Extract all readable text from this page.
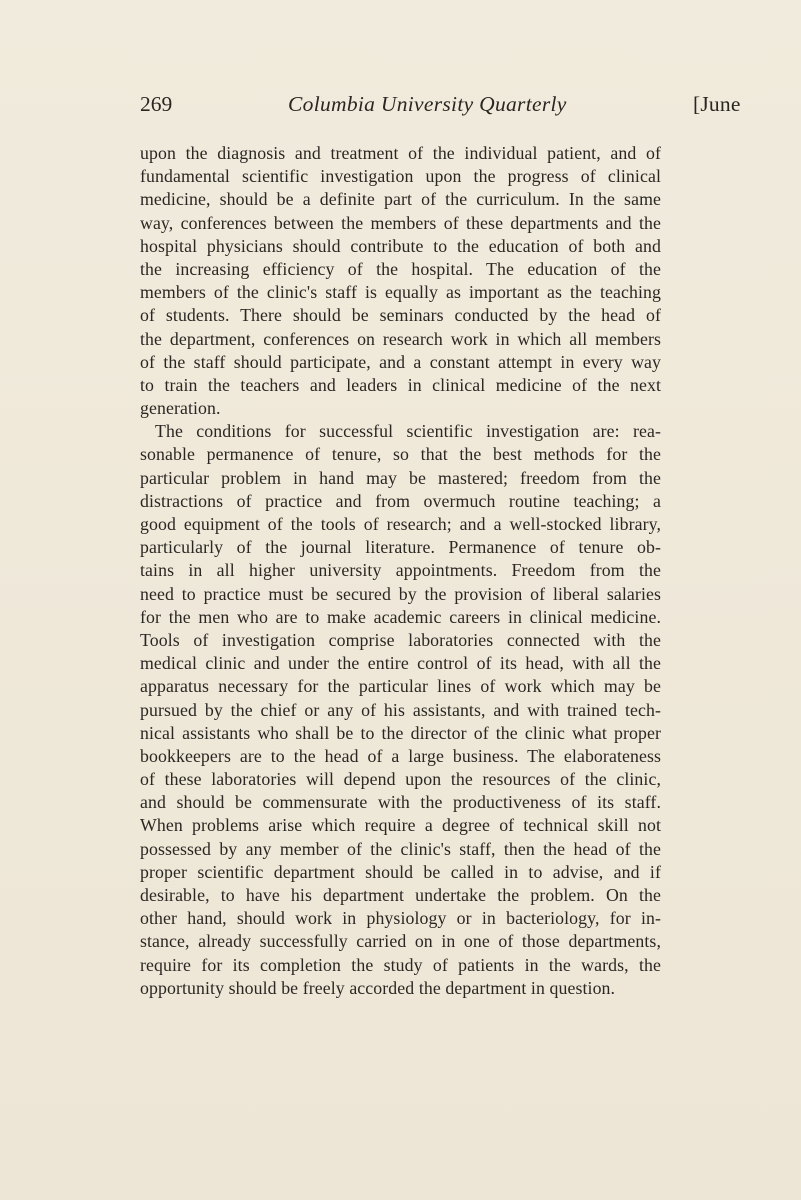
269	Columbia University Quarterly	[June
upon the diagnosis and treatment of the individual patient, and of
fundamental scientific investigation upon the progress of clinical
medicine, should be a definite part of the curriculum. In the same
way, conferences between the members of these departments and the
hospital physicians should contribute to the education of both and
the increasing efficiency of the hospital. The education of the
members of the clinic's staff is equally as important as the teaching
of students. There should be seminars conducted by the head of
the department, conferences on research work in which all members
of the staff should participate, and a constant attempt in every way
to train the teachers and leaders in clinical medicine of the next
generation.
The conditions for successful scientific investigation are: rea-
sonable permanence of tenure, so that the best methods for the
particular problem in hand may be mastered; freedom from the
distractions of practice and from overmuch routine teaching; a
good equipment of the tools of research; and a well-stocked library,
particularly of the journal literature. Permanence of tenure ob-
tains in all higher university appointments. Freedom from the
need to practice must be secured by the provision of liberal salaries
for the men who are to make academic careers in clinical medicine.
Tools of investigation comprise laboratories connected with the
medical clinic and under the entire control of its head, with all the
apparatus necessary for the particular lines of work which may be
pursued by the chief or any of his assistants, and with trained tech-
nical assistants who shall be to the director of the clinic what proper
bookkeepers are to the head of a large business. The elaborateness
of these laboratories will depend upon the resources of the clinic,
and should be commensurate with the productiveness of its staff.
When problems arise which require a degree of technical skill not
possessed by any member of the clinic's staff, then the head of the
proper scientific department should be called in to advise, and if
desirable, to have his department undertake the problem. On the
other hand, should work in physiology or in bacteriology, for in-
stance, already successfully carried on in one of those departments,
require for its completion the study of patients in the wards, the
opportunity should be freely accorded the department in question.
